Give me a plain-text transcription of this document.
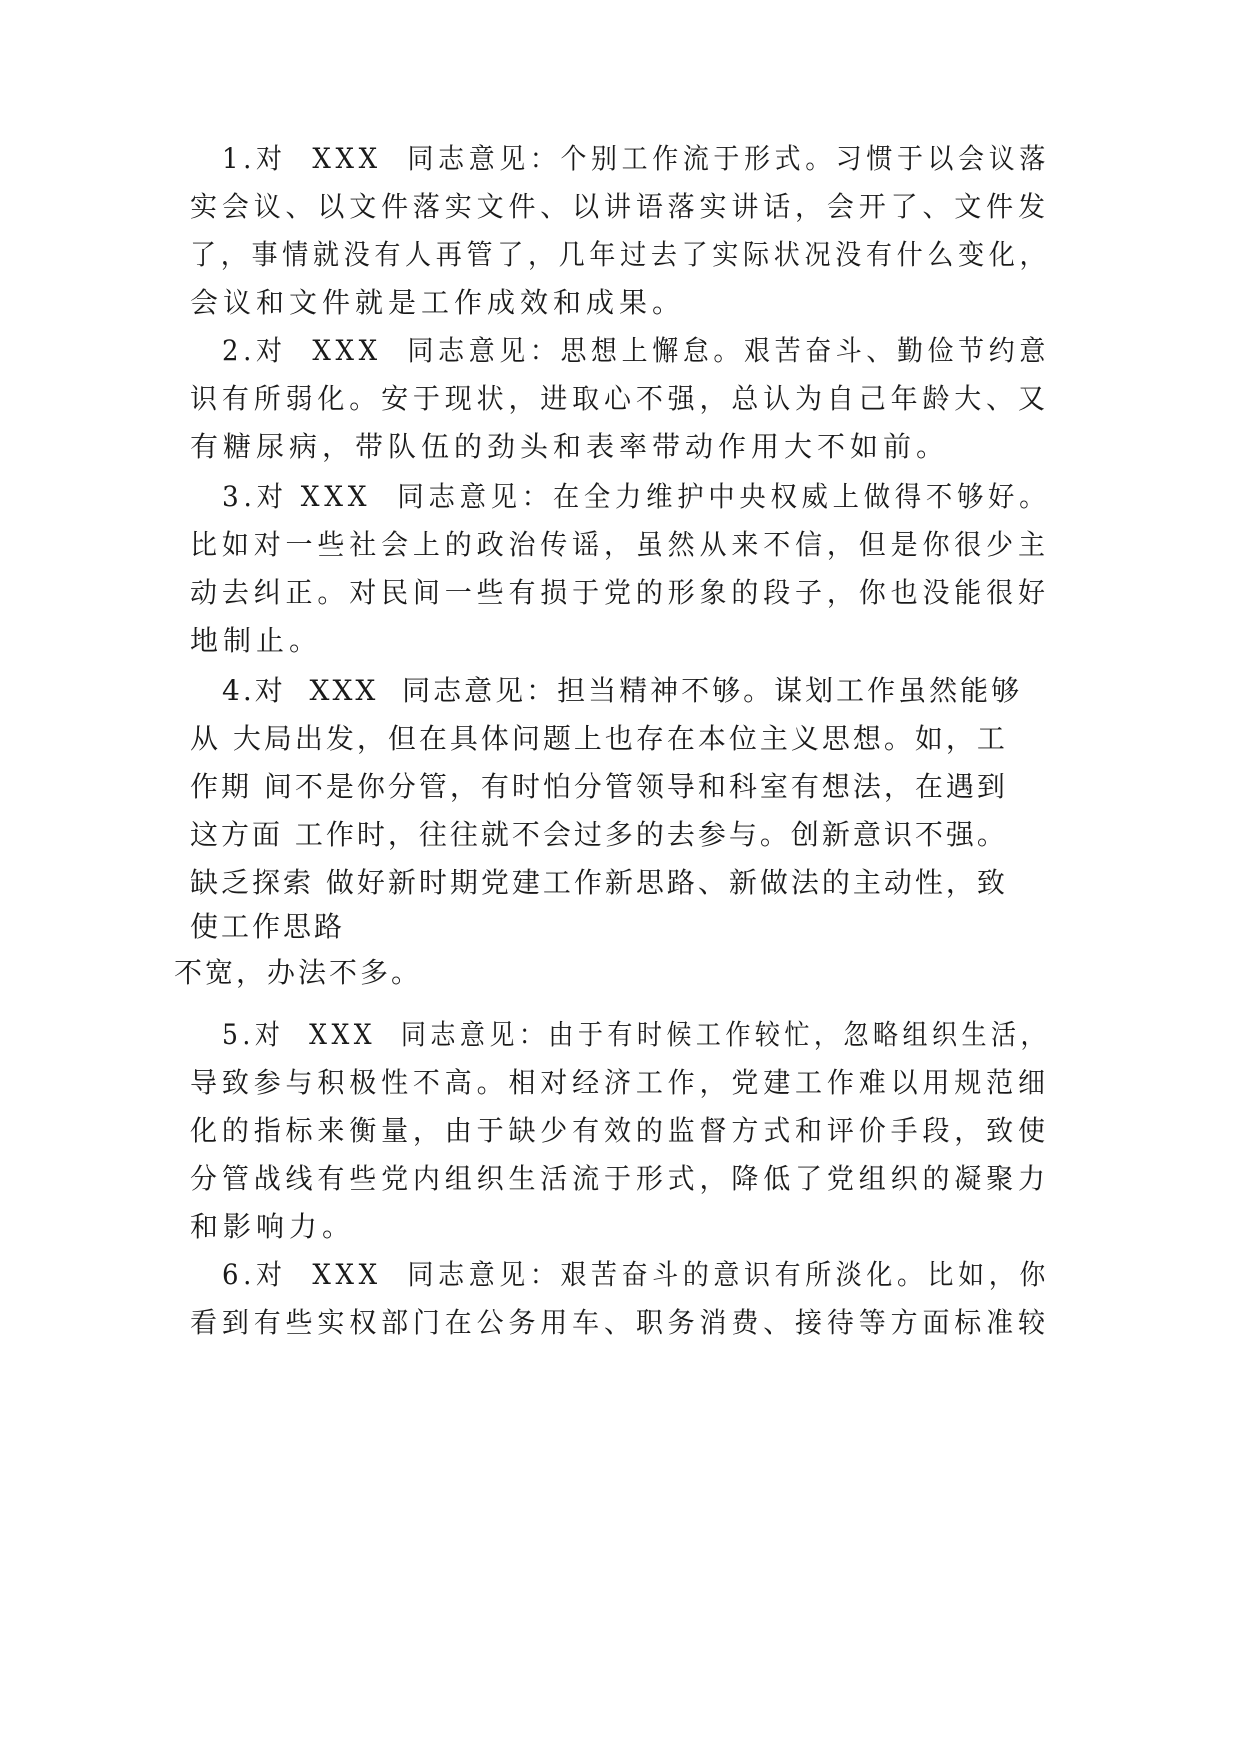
1.对  XXX  同志意见：个别工作流于形式。习惯于以会议落

实会议、以文件落实文件、以讲语落实讲话，会开了、文件发

了，事情就没有人再管了，几年过去了实际状况没有什么变化，

会议和文件就是工作成效和成果。

2.对  XXX  同志意见：思想上懈怠。艰苦奋斗、勤俭节约意

识有所弱化。安于现状，进取心不强，总认为自己年龄大、又

有糖尿病，带队伍的劲头和表率带动作用大不如前。

3.对 XXX  同志意见：在全力维护中央权威上做得不够好。

比如对一些社会上的政治传谣，虽然从来不信，但是你很少主

动去纠正。对民间一些有损于党的形象的段子，你也没能很好

地制止。

4.对  XXX  同志意见：担当精神不够。谋划工作虽然能够

从 大局出发，但在具体问题上也存在本位主义思想。如，工

作期 间不是你分管，有时怕分管领导和科室有想法，在遇到

这方面 工作时，往往就不会过多的去参与。创新意识不强。

缺乏探索 做好新时期党建工作新思路、新做法的主动性，致

使工作思路

不宽，办法不多。

5.对  XXX  同志意见：由于有时候工作较忙，忽略组织生活，

导致参与积极性不高。相对经济工作，党建工作难以用规范细

化的指标来衡量，由于缺少有效的监督方式和评价手段，致使

分管战线有些党内组织生活流于形式，降低了党组织的凝聚力

和影响力。

6.对  XXX  同志意见：艰苦奋斗的意识有所淡化。比如，你

看到有些实权部门在公务用车、职务消费、接待等方面标准较
